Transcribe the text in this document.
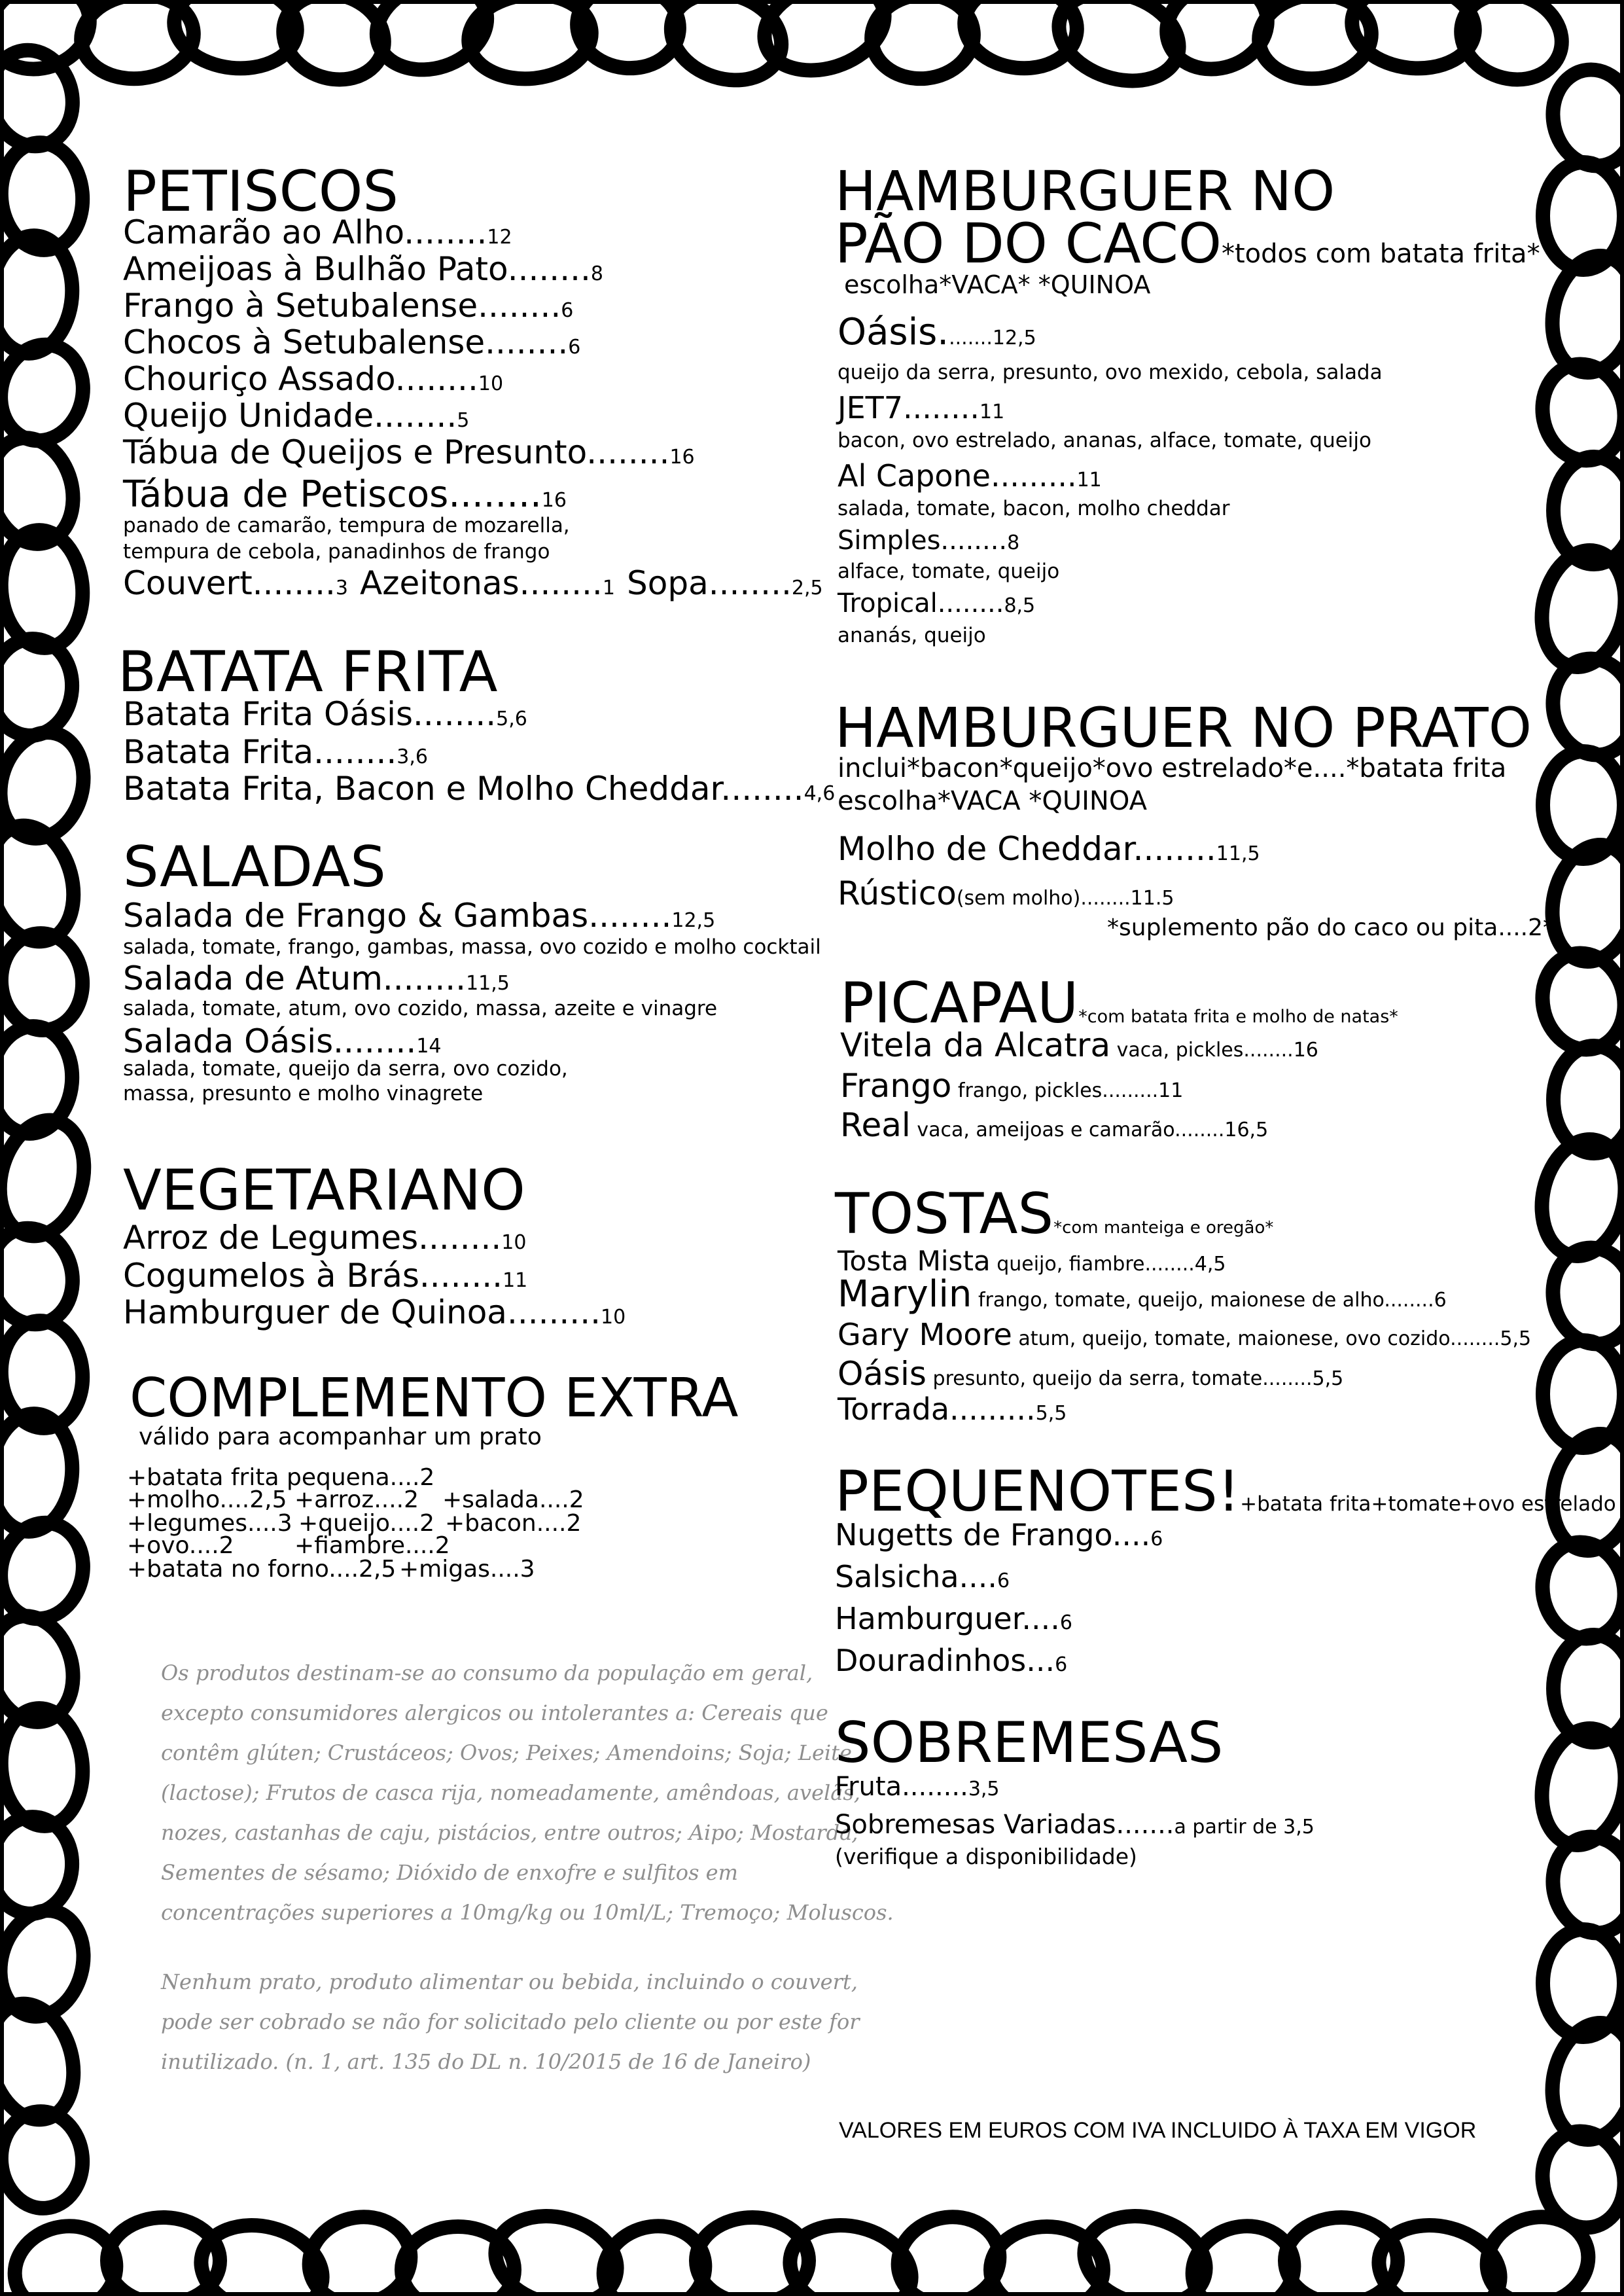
PETISCOS
Camarão ao Alho........12
Ameijoas à Bulhão Pato........8
Frango à Setubalense........6
Chocos à Setubalense........6
Chouriço Assado........10
Queijo Unidade........5
Tábua de Queijos e Presunto........16
Tábua de Petiscos........16
panado de camarão, tempura de mozarella,
tempura de cebola, panadinhos de frango
Couvert........3 Azeitonas........1 Sopa........2,5
BATATA FRITA
Batata Frita Oásis........5,6
Batata Frita........3,6
Batata Frita, Bacon e Molho Cheddar........4,6
SALADAS
Salada de Frango & Gambas........12,5
salada, tomate, frango, gambas, massa, ovo cozido e molho cocktail
Salada de Atum........11,5
salada, tomate, atum, ovo cozido, massa, azeite e vinagre
Salada Oásis........14
salada, tomate, queijo da serra, ovo cozido,
massa, presunto e molho vinagrete
VEGETARIANO
Arroz de Legumes........10
Cogumelos à Brás........11
Hamburguer de Quinoa.........10
COMPLEMENTO EXTRA
válido para acompanhar um prato
+batata frita pequena....2
+molho....2,5 +arroz....2 +salada....2
+legumes....3 +queijo....2 +bacon....2
+ovo....2	+fiambre....2
+batata no forno....2,5 +migas....3
Os produtos destinam-se ao consumo da população em geral,
excepto consumidores alergicos ou intolerantes a: Cereais que
contêm glúten; Crustáceos; Ovos; Peixes; Amendoins; Soja; Leite
(lactose); Frutos de casca rija, nomeadamente, amêndoas, avelãs,
nozes, castanhas de caju, pistácios, entre outros; Aipo; Mostarda;
Sementes de sésamo; Dióxido de enxofre e sulfitos em
concentrações superiores a 10mg/kg ou 10ml/L; Tremoço; Moluscos.
Nenhum prato, produto alimentar ou bebida, incluindo o couvert,
pode ser cobrado se não for solicitado pelo cliente ou por este for
inutilizado. (n. 1, art. 135 do DL n. 10/2015 de 16 de Janeiro)
HAMBURGUER NO
PÃO DO CACO*todos com batata frita*
escolha*VACA* *QUINOA
Oásis........12,5
queijo da serra, presunto, ovo mexido, cebola, salada
JET7........11
bacon, ovo estrelado, ananas, alface, tomate, queijo
Al Capone.........11
salada, tomate, bacon, molho cheddar
Simples........8
alface, tomate, queijo
Tropical........8,5
ananás, queijo
HAMBURGUER NO PRATO
inclui*bacon*queijo*ovo estrelado*e....*batata frita
escolha*VACA *QUINOA
Molho de Cheddar........11,5
Rústico(sem molho)........11.5
*suplemento pão do caco ou pita....2*
PICAPAU*com batata frita e molho de natas*
Vitela da Alcatra vaca, pickles........16
Frango frango, pickles.........11
Real vaca, ameijoas e camarão........16,5
TOSTAS*com manteiga e oregão*
Tosta Mista queijo, fiambre........4,5
Marylin frango, tomate, queijo, maionese de alho........6
Gary Moore atum, queijo, tomate, maionese, ovo cozido........5,5
Oásis presunto, queijo da serra, tomate........5,5
Torrada.........5,5
PEQUENOTES!+batata frita+tomate+ovo estrelado
Nugetts de Frango....6
Salsicha....6
Hamburguer....6
Douradinhos...6
SOBREMESAS
Fruta........3,5
Sobremesas Variadas.......a partir de 3,5
(verifique a disponibilidade)
VALORES EM EUROS COM IVA INCLUIDO À TAXA EM VIGOR
